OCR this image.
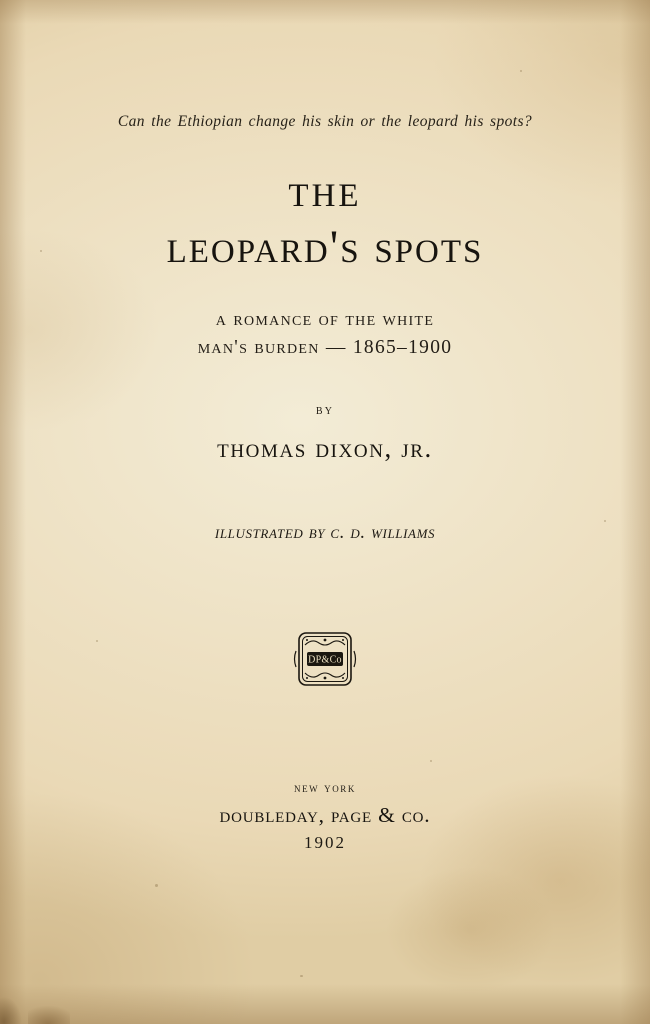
Can the Ethiopian change his skin or the leopard his spots?
the
leopard's spots
a romance of the white
man's burden — 1865–1900
by
thomas dixon, jr.
illustrated by c. d. williams
DP&Co
new york
doubleday, page & co.
1902
